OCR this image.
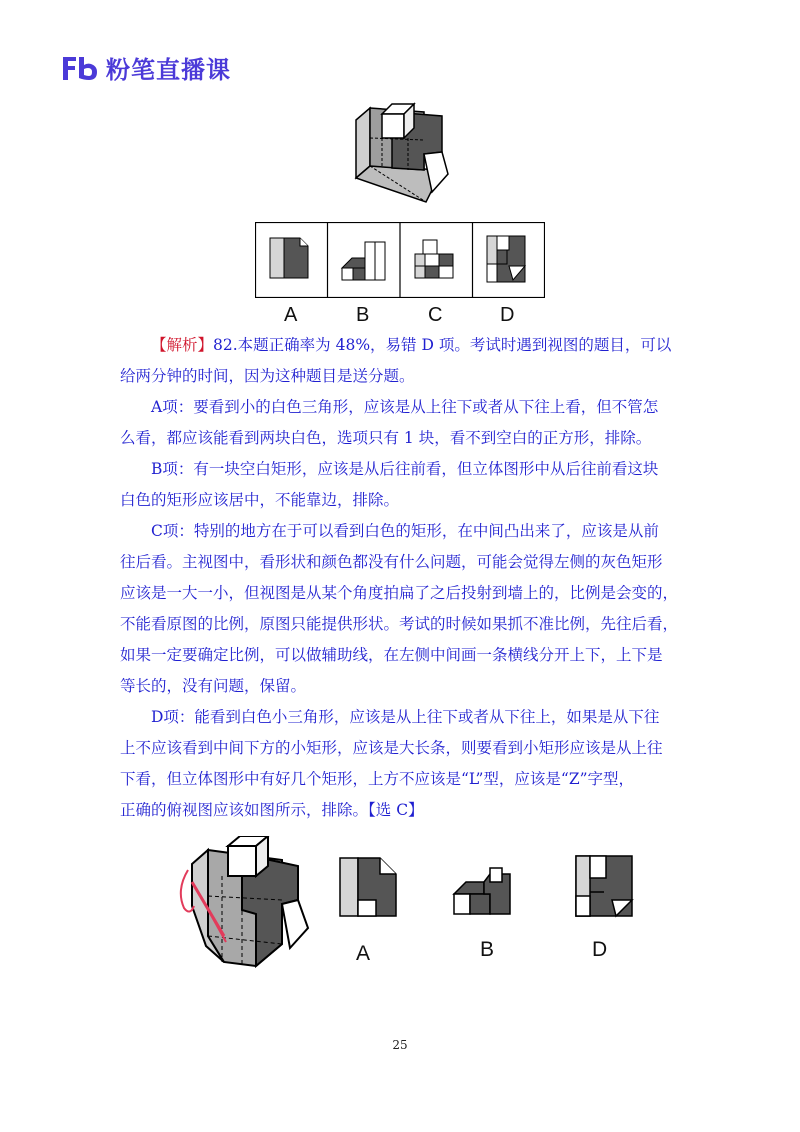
粉笔直播课
A	B	C	D
【解析】82.本题正确率为 48%，易错 D 项。考试时遇到视图的题目，可以
给两分钟的时间，因为这种题目是送分题。
A项：要看到小的白色三角形，应该是从上往下或者从下往上看，但不管怎
么看，都应该能看到两块白色，选项只有 1 块，看不到空白的正方形，排除。
B项：有一块空白矩形，应该是从后往前看，但立体图形中从后往前看这块
白色的矩形应该居中，不能靠边，排除。
C项：特别的地方在于可以看到白色的矩形，在中间凸出来了，应该是从前
往后看。主视图中，看形状和颜色都没有什么问题，可能会觉得左侧的灰色矩形
应该是一大一小，但视图是从某个角度拍扁了之后投射到墙上的，比例是会变的，
不能看原图的比例，原图只能提供形状。考试的时候如果抓不准比例，先往后看，
如果一定要确定比例，可以做辅助线，在左侧中间画一条横线分开上下，上下是
等长的，没有问题，保留。
D项：能看到白色小三角形，应该是从上往下或者从下往上，如果是从下往
上不应该看到中间下方的小矩形，应该是大长条，则要看到小矩形应该是从上往
下看，但立体图形中有好几个矩形，上方不应该是“L”型，应该是“Z”字型，
正确的俯视图应该如图所示，排除。【选 C】
A	B	D
25
